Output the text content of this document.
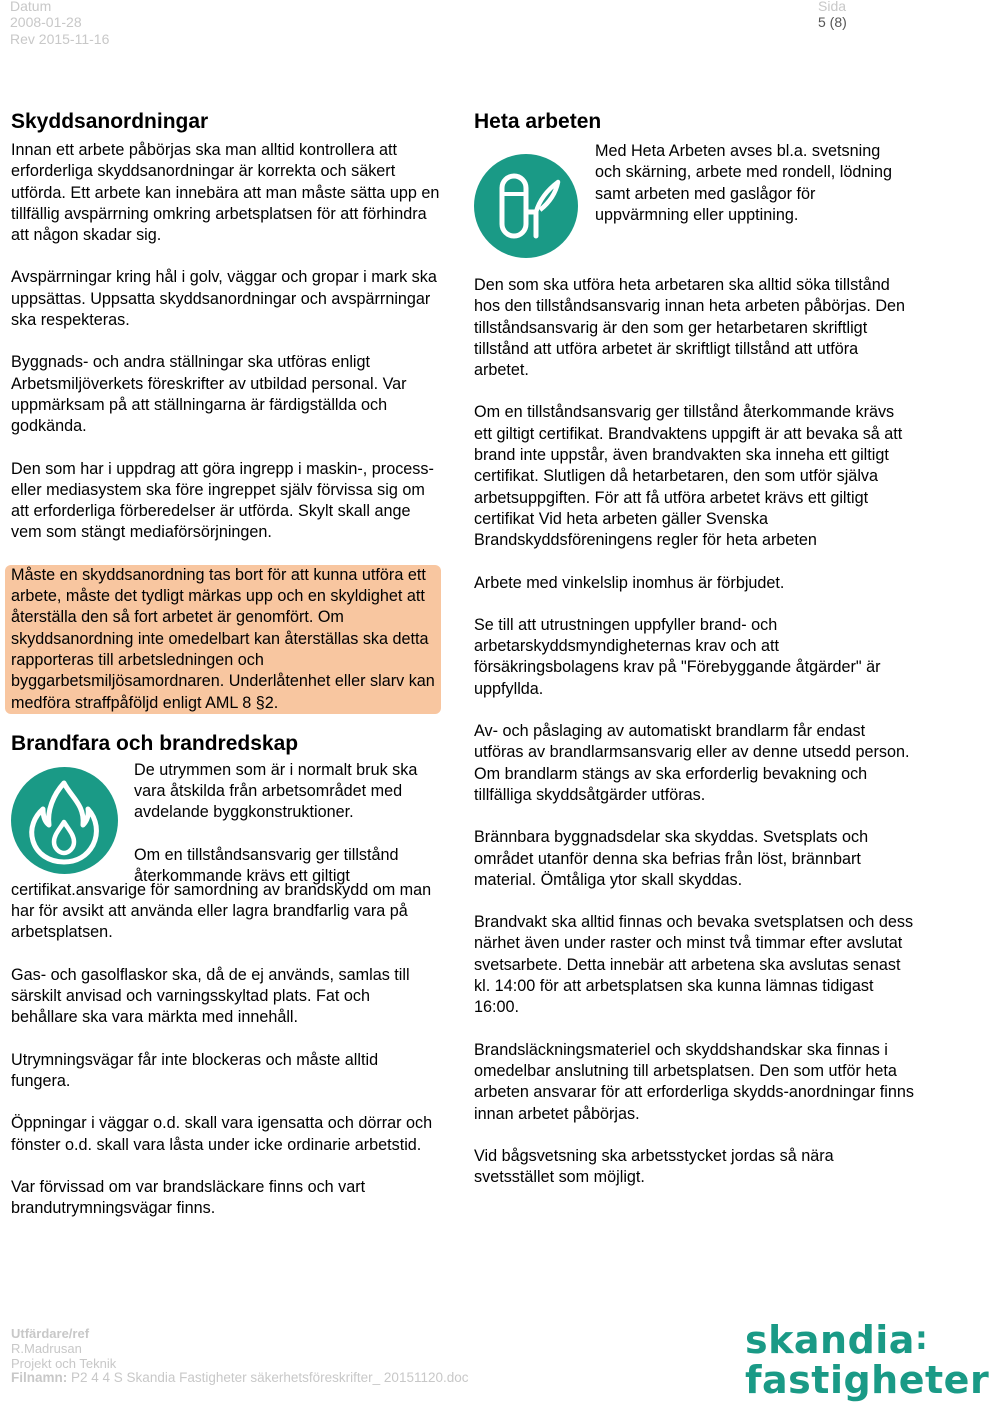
Datum
2008-01-28
Rev 2015-11-16
Sida
5 (8)
Skyddsanordningar

Innan ett arbete påbörjas ska man alltid kontrollera att erforderliga skyddsanordningar är korrekta och säkert utförda. Ett arbete kan innebära att man måste sätta upp en tillfällig avspärrning omkring arbetsplatsen för att förhindra att någon skadar sig.

Avspärrningar kring hål i golv, väggar och gropar i mark ska uppsättas. Uppsatta skyddsanordningar och avspärrningar ska respekteras.

Byggnads- och andra ställningar ska utföras enligt Arbetsmiljöverkets föreskrifter av utbildad personal. Var uppmärksam på att ställningarna är färdigställda och godkända.

Den som har i uppdrag att göra ingrepp i maskin-, process- eller mediasystem ska före ingreppet själv förvissa sig om att erforderliga förberedelser är utförda. Skylt skall ange vem som stängt mediaförsörjningen.

Måste en skyddsanordning tas bort för att kunna utföra ett arbete, måste det tydligt märkas upp och en skyldighet att återställa den så fort arbetet är genomfört. Om skyddsanordning inte omedelbart kan återställas ska detta rapporteras till arbetsledningen och byggarbetsmiljösamordnaren. Underlåtenhet eller slarv kan medföra straffpåföljd enligt AML 8 §2.
Brandfara och brandredskap
De utrymmen som är i normalt bruk ska vara åtskilda från arbetsområdet med avdelande byggkonstruktioner.
Om en tillståndsansvarig ger tillstånd återkommande krävs ett giltigt

certifikat.ansvarige för samordning av brandskydd om man har för avsikt att använda eller lagra brandfarlig vara på arbetsplatsen.

Gas- och gasolflaskor ska, då de ej används, samlas till särskilt anvisad och varningsskyltad plats. Fat och behållare ska vara märkta med innehåll.

Utrymningsvägar får inte blockeras och måste alltid fungera.

Öppningar i väggar o.d. skall vara igensatta och dörrar och fönster o.d. skall vara låsta under icke ordinarie arbetstid.

Var förvissad om var brandsläckare finns och vart brandutrymningsvägar finns.

Heta arbeten
Med Heta Arbeten avses bl.a. svetsning och skärning, arbete med rondell, lödning samt arbeten med gaslågor för uppvärmning eller upptining.

Den som ska utföra heta arbetaren ska alltid söka tillstånd hos den tillståndsansvarig innan heta arbeten påbörjas. Den tillståndsansvarig är den som ger hetarbetaren skriftligt tillstånd att utföra arbetet är skriftligt tillstånd att utföra arbetet.

Om en tillståndsansvarig ger tillstånd återkommande krävs ett giltigt certifikat. Brandvaktens uppgift är att bevaka så att brand inte uppstår, även brandvakten ska inneha ett giltigt certifikat. Slutligen då hetarbetaren, den som utför själva arbetsuppgiften. För att få utföra arbetet krävs ett giltigt certifikat Vid heta arbeten gäller Svenska Brandskyddsföreningens regler för heta arbeten

Arbete med vinkelslip inomhus är förbjudet.

Se till att utrustningen uppfyller brand- och arbetarskyddsmyndigheternas krav och att försäkringsbolagens krav på "Förebyggande åtgärder" är uppfyllda.

Av- och påslaging av automatiskt brandlarm får endast utföras av brandlarmsansvarig eller av denne utsedd person. Om brandlarm stängs av ska erforderlig bevakning och tillfälliga skyddsåtgärder utföras.

Brännbara byggnadsdelar ska skyddas. Svetsplats och området utanför denna ska befrias från löst, brännbart material. Ömtåliga ytor skall skyddas.

Brandvakt ska alltid finnas och bevaka svetsplatsen och dess närhet även under raster och minst två timmar efter avslutat svetsarbete. Detta innebär att arbetena ska avslutas senast kl. 14:00 för att arbetsplatsen ska kunna lämnas tidigast 16:00.

Brandsläckningsmateriel och skyddshandskar ska finnas i omedelbar anslutning till arbetsplatsen. Den som utför heta arbeten ansvarar för att erforderliga skydds-anordningar finns innan arbetet påbörjas.

Vid bågsvetsning ska arbetsstycket jordas så nära svetsstället som möjligt.

Utfärdare/ref
R.Madrusan
Projekt och Teknik
Filnamn: P2 4 4 S Skandia Fastigheter säkerhetsföreskrifter_ 20151120.doc
skandia:
fastigheter
